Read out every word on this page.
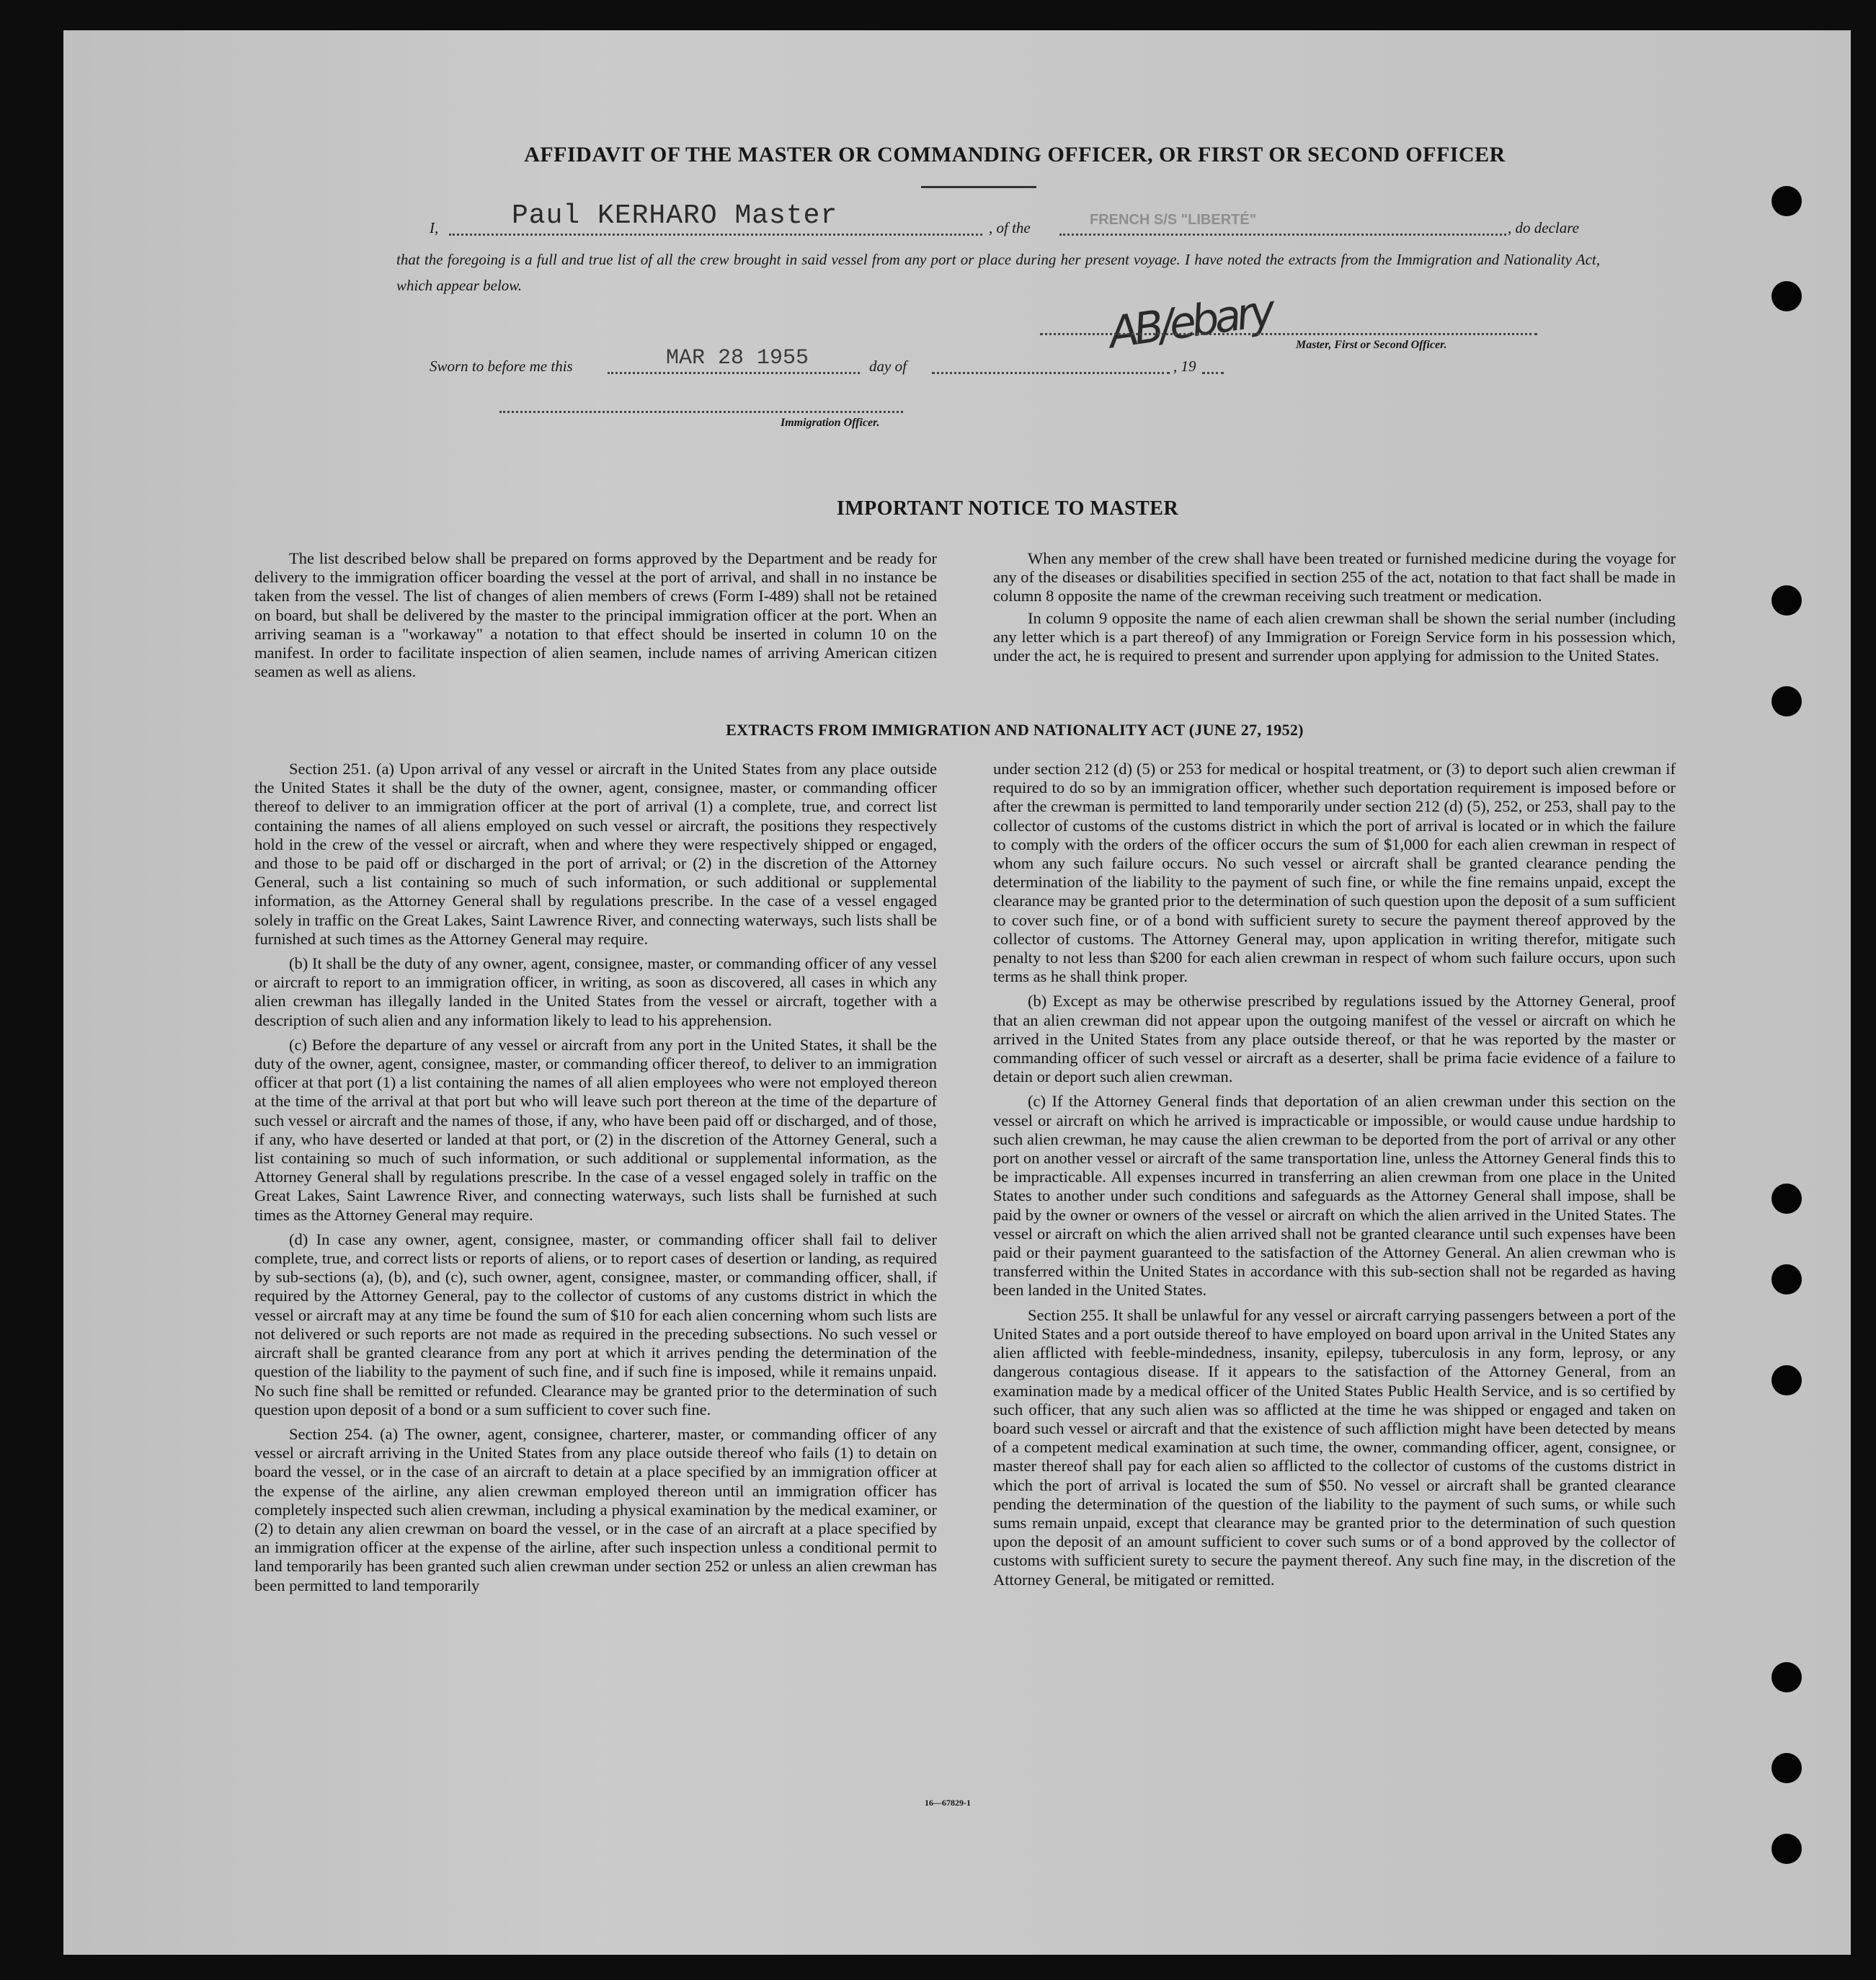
AFFIDAVIT OF THE MASTER OR COMMANDING OFFICER, OR FIRST OR SECOND OFFICER
I,	Paul KERHARO Master	, of the	FRENCH S/S "LIBERTÉ"	, do declare
that the foregoing is a full and true list of all the crew brought in said vessel from any port or place during her present voyage. I have noted the extracts from the Immigration and Nationality Act, which appear below.
AB/ebary Master, First or Second Officer.
Sworn to before me this	MAR 28 1955	day of	, 19
Immigration Officer.
IMPORTANT NOTICE TO MASTER

The list described below shall be prepared on forms approved by the Department and be ready for delivery to the immigration officer boarding the vessel at the port of arrival, and shall in no instance be taken from the vessel. The list of changes of alien members of crews (Form I-489) shall not be retained on board, but shall be delivered by the master to the principal immigration officer at the port. When an arriving seaman is a "workaway" a notation to that effect should be inserted in column 10 on the manifest. In order to facilitate inspection of alien seamen, include names of arriving American citizen seamen as well as aliens.

When any member of the crew shall have been treated or furnished medicine during the voyage for any of the diseases or disabilities specified in section 255 of the act, notation to that fact shall be made in column 8 opposite the name of the crewman receiving such treatment or medication.

In column 9 opposite the name of each alien crewman shall be shown the serial number (including any letter which is a part thereof) of any Immigration or Foreign Service form in his possession which, under the act, he is required to present and surrender upon applying for admission to the United States.

EXTRACTS FROM IMMIGRATION AND NATIONALITY ACT (JUNE 27, 1952)

Section 251. (a) Upon arrival of any vessel or aircraft in the United States from any place outside the United States it shall be the duty of the owner, agent, consignee, master, or commanding officer thereof to deliver to an immigration officer at the port of arrival (1) a complete, true, and correct list containing the names of all aliens employed on such vessel or aircraft, the positions they respectively hold in the crew of the vessel or aircraft, when and where they were respectively shipped or engaged, and those to be paid off or discharged in the port of arrival; or (2) in the discretion of the Attorney General, such a list containing so much of such information, or such additional or supplemental information, as the Attorney General shall by regulations prescribe. In the case of a vessel engaged solely in traffic on the Great Lakes, Saint Lawrence River, and connecting waterways, such lists shall be furnished at such times as the Attorney General may require.

(b) It shall be the duty of any owner, agent, consignee, master, or commanding officer of any vessel or aircraft to report to an immigration officer, in writing, as soon as discovered, all cases in which any alien crewman has illegally landed in the United States from the vessel or aircraft, together with a description of such alien and any information likely to lead to his apprehension.

(c) Before the departure of any vessel or aircraft from any port in the United States, it shall be the duty of the owner, agent, consignee, master, or commanding officer thereof, to deliver to an immigration officer at that port (1) a list containing the names of all alien employees who were not employed thereon at the time of the arrival at that port but who will leave such port thereon at the time of the departure of such vessel or aircraft and the names of those, if any, who have been paid off or discharged, and of those, if any, who have deserted or landed at that port, or (2) in the discretion of the Attorney General, such a list containing so much of such information, or such additional or supplemental information, as the Attorney General shall by regulations prescribe. In the case of a vessel engaged solely in traffic on the Great Lakes, Saint Lawrence River, and connecting waterways, such lists shall be furnished at such times as the Attorney General may require.

(d) In case any owner, agent, consignee, master, or commanding officer shall fail to deliver complete, true, and correct lists or reports of aliens, or to report cases of desertion or landing, as required by sub-sections (a), (b), and (c), such owner, agent, consignee, master, or commanding officer, shall, if required by the Attorney General, pay to the collector of customs of any customs district in which the vessel or aircraft may at any time be found the sum of $10 for each alien concerning whom such lists are not delivered or such reports are not made as required in the preceding subsections. No such vessel or aircraft shall be granted clearance from any port at which it arrives pending the determination of the question of the liability to the payment of such fine, and if such fine is imposed, while it remains unpaid. No such fine shall be remitted or refunded. Clearance may be granted prior to the determination of such question upon deposit of a bond or a sum sufficient to cover such fine.

Section 254. (a) The owner, agent, consignee, charterer, master, or commanding officer of any vessel or aircraft arriving in the United States from any place outside thereof who fails (1) to detain on board the vessel, or in the case of an aircraft to detain at a place specified by an immigration officer at the expense of the airline, any alien crewman employed thereon until an immigration officer has completely inspected such alien crewman, including a physical examination by the medical examiner, or (2) to detain any alien crewman on board the vessel, or in the case of an aircraft at a place specified by an immigration officer at the expense of the airline, after such inspection unless a conditional permit to land temporarily has been granted such alien crewman under section 252 or unless an alien crewman has been permitted to land temporarily

under section 212 (d) (5) or 253 for medical or hospital treatment, or (3) to deport such alien crewman if required to do so by an immigration officer, whether such deportation requirement is imposed before or after the crewman is permitted to land temporarily under section 212 (d) (5), 252, or 253, shall pay to the collector of customs of the customs district in which the port of arrival is located or in which the failure to comply with the orders of the officer occurs the sum of $1,000 for each alien crewman in respect of whom any such failure occurs. No such vessel or aircraft shall be granted clearance pending the determination of the liability to the payment of such fine, or while the fine remains unpaid, except the clearance may be granted prior to the determination of such question upon the deposit of a sum sufficient to cover such fine, or of a bond with sufficient surety to secure the payment thereof approved by the collector of customs. The Attorney General may, upon application in writing therefor, mitigate such penalty to not less than $200 for each alien crewman in respect of whom such failure occurs, upon such terms as he shall think proper.

(b) Except as may be otherwise prescribed by regulations issued by the Attorney General, proof that an alien crewman did not appear upon the outgoing manifest of the vessel or aircraft on which he arrived in the United States from any place outside thereof, or that he was reported by the master or commanding officer of such vessel or aircraft as a deserter, shall be prima facie evidence of a failure to detain or deport such alien crewman.

(c) If the Attorney General finds that deportation of an alien crewman under this section on the vessel or aircraft on which he arrived is impracticable or impossible, or would cause undue hardship to such alien crewman, he may cause the alien crewman to be deported from the port of arrival or any other port on another vessel or aircraft of the same transportation line, unless the Attorney General finds this to be impracticable. All expenses incurred in transferring an alien crewman from one place in the United States to another under such conditions and safeguards as the Attorney General shall impose, shall be paid by the owner or owners of the vessel or aircraft on which the alien arrived in the United States. The vessel or aircraft on which the alien arrived shall not be granted clearance until such expenses have been paid or their payment guaranteed to the satisfaction of the Attorney General. An alien crewman who is transferred within the United States in accordance with this sub-section shall not be regarded as having been landed in the United States.

Section 255. It shall be unlawful for any vessel or aircraft carrying passengers between a port of the United States and a port outside thereof to have employed on board upon arrival in the United States any alien afflicted with feeble-mindedness, insanity, epilepsy, tuberculosis in any form, leprosy, or any dangerous contagious disease. If it appears to the satisfaction of the Attorney General, from an examination made by a medical officer of the United States Public Health Service, and is so certified by such officer, that any such alien was so afflicted at the time he was shipped or engaged and taken on board such vessel or aircraft and that the existence of such affliction might have been detected by means of a competent medical examination at such time, the owner, commanding officer, agent, consignee, or master thereof shall pay for each alien so afflicted to the collector of customs of the customs district in which the port of arrival is located the sum of $50. No vessel or aircraft shall be granted clearance pending the determination of the question of the liability to the payment of such sums, or while such sums remain unpaid, except that clearance may be granted prior to the determination of such question upon the deposit of an amount sufficient to cover such sums or of a bond approved by the collector of customs with sufficient surety to secure the payment thereof. Any such fine may, in the discretion of the Attorney General, be mitigated or remitted.

16—67829-1
